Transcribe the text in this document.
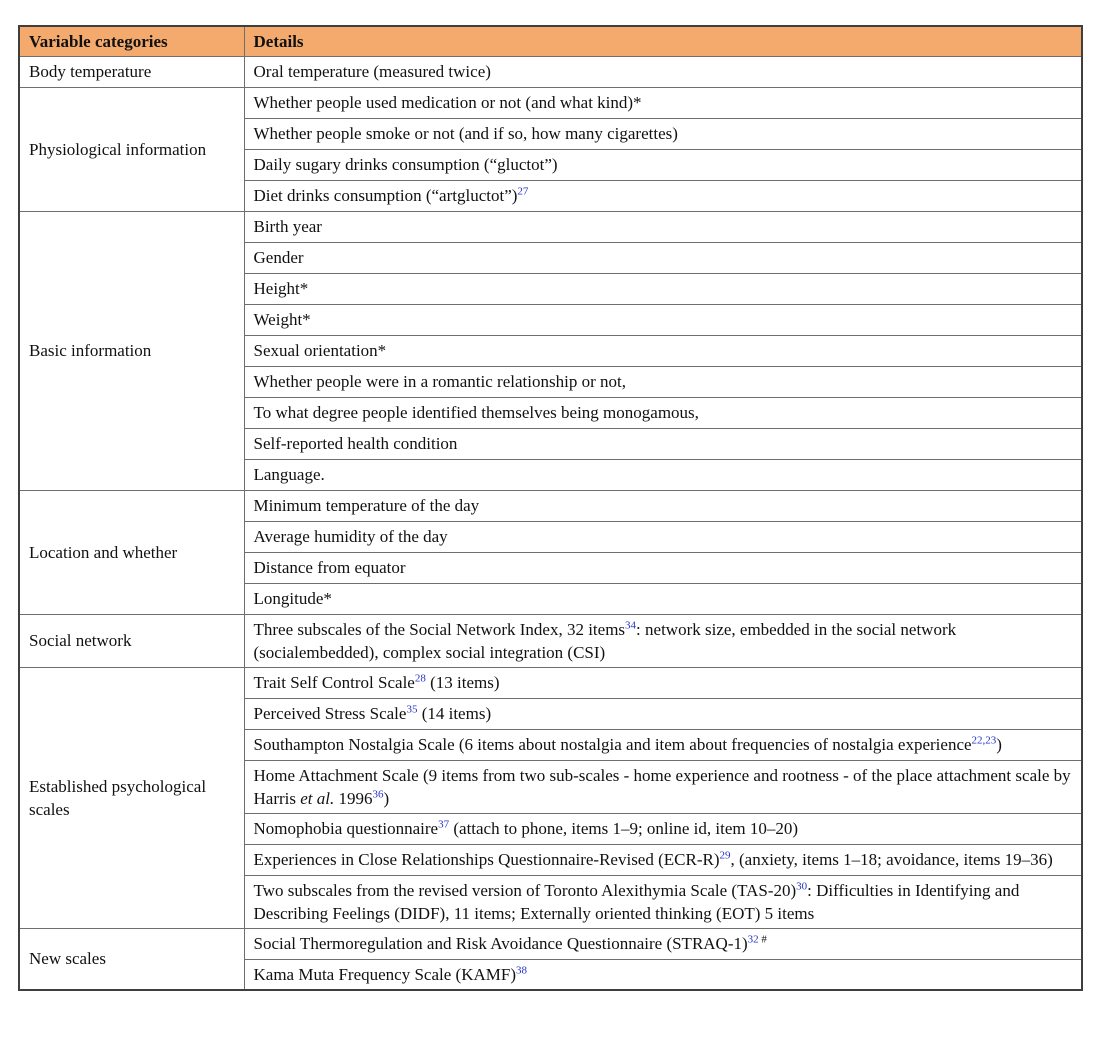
Variable categories	Details
Body temperature	Oral temperature (measured twice)
Physiological information	Whether people used medication or not (and what kind)*
	Whether people smoke or not (and if so, how many cigarettes)
	Daily sugary drinks consumption (“gluctot”)
	Diet drinks consumption (“artgluctot”)$^{27}$
Basic information	Birth year
	Gender
	Height*
	Weight*
	Sexual orientation*
	Whether people were in a romantic relationship or not,
	To what degree people identified themselves being monogamous,
	Self-reported health condition
	Language.
Location and whether	Minimum temperature of the day
	Average humidity of the day
	Distance from equator
	Longitude*
Social network	Three subscales of the Social Network Index, 32 items$^{34}$: network size, embedded in the social network (socialembedded), complex social integration (CSI)
Established psychological scales	Trait Self Control Scale$^{28}$ (13 items)
	Perceived Stress Scale$^{35}$ (14 items)
	Southampton Nostalgia Scale (6 items about nostalgia and item about frequencies of nostalgia experience$^{22,23}$)
	Home Attachment Scale (9 items from two sub-scales - home experience and rootness - of the place attachment scale by Harris et al. 1996$^{36}$)
	Nomophobia questionnaire$^{37}$ (attach to phone, items 1–9; online id, item 10–20)
	Experiences in Close Relationships Questionnaire-Revised (ECR-R)$^{29}$, (anxiety, items 1–18; avoidance, items 19–36)
	Two subscales from the revised version of Toronto Alexithymia Scale (TAS-20)$^{30}$: Difficulties in Identifying and Describing Feelings (DIDF), 11 items; Externally oriented thinking (EOT) 5 items
New scales	Social Thermoregulation and Risk Avoidance Questionnaire (STRAQ-1)$^{32}$ #
	Kama Muta Frequency Scale (KAMF)$^{38}$
